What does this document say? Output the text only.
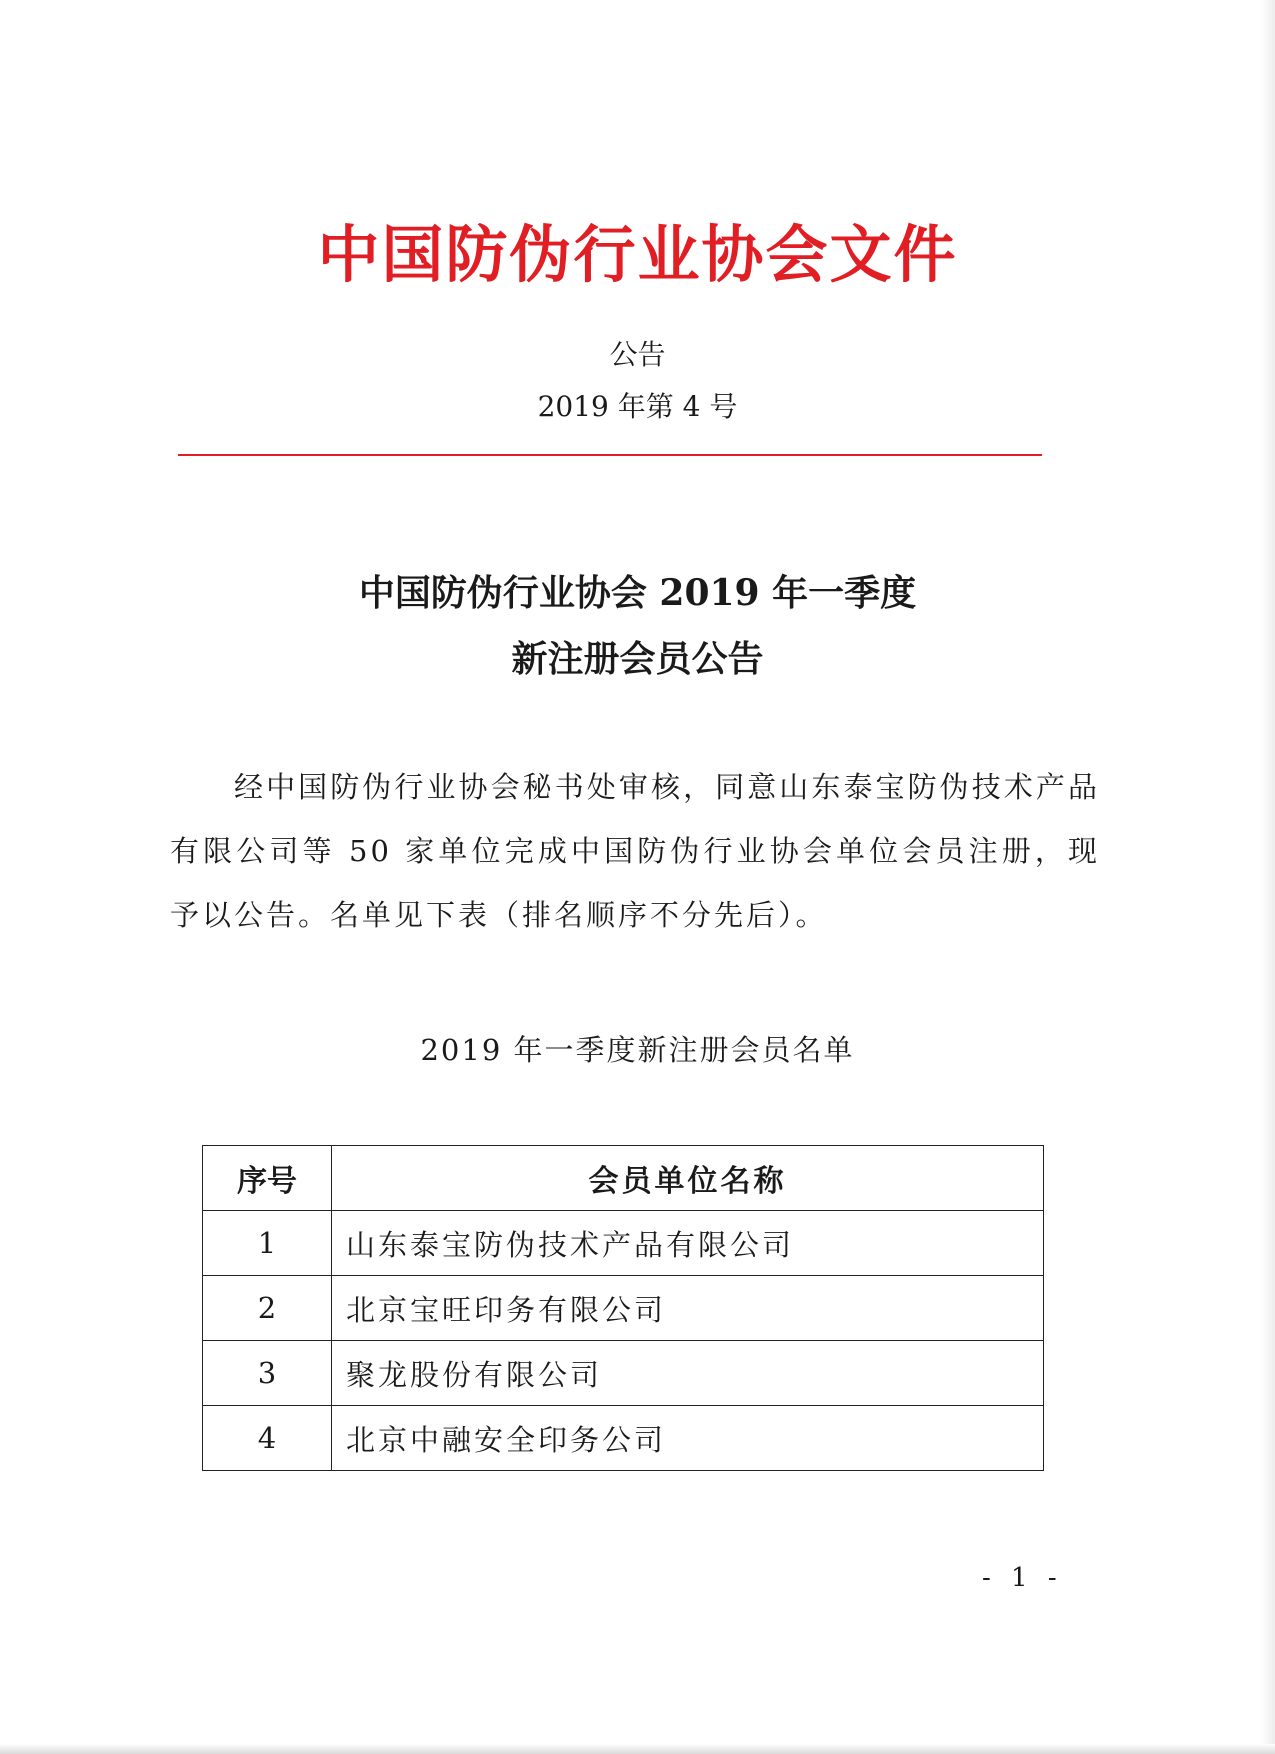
中国防伪行业协会文件
公告
2019 年第 4 号
中国防伪行业协会 2019 年一季度
新注册会员公告
经中国防伪行业协会秘书处审核，同意山东泰宝防伪技术产品有限公司等 50 家单位完成中国防伪行业协会单位会员注册，现予以公告。名单见下表（排名顺序不分先后）。
2019 年一季度新注册会员名单
序号	会员单位名称
1	山东泰宝防伪技术产品有限公司
2	北京宝旺印务有限公司
3	聚龙股份有限公司
4	北京中融安全印务公司
- 1 -
